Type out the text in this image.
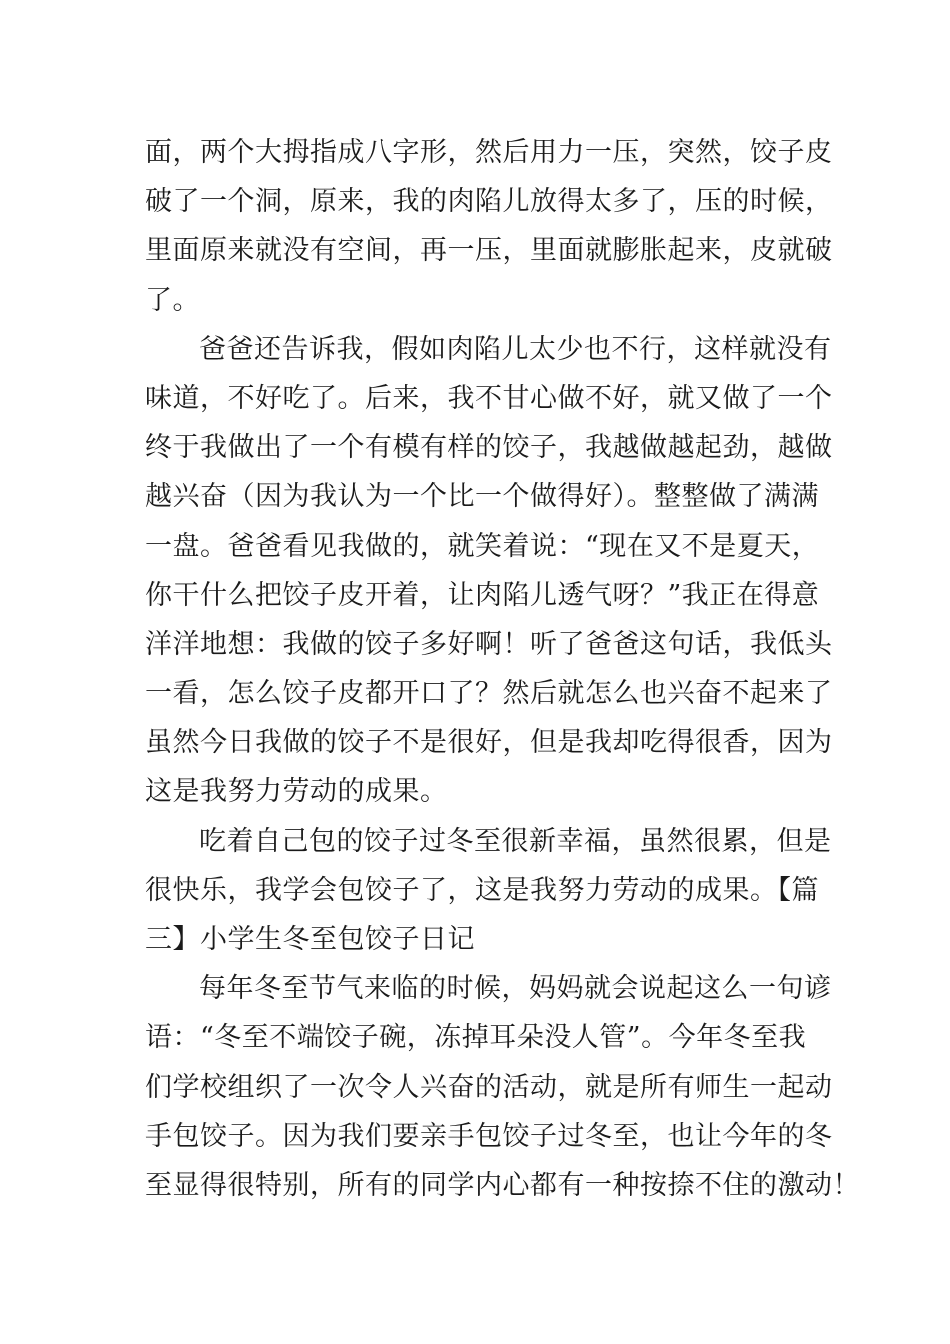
面，两个大拇指成八字形，然后用力一压，突然，饺子皮
破了一个洞，原来，我的肉陷儿放得太多了，压的时候，
里面原来就没有空间，再一压，里面就膨胀起来，皮就破
了。
爸爸还告诉我，假如肉陷儿太少也不行，这样就没有
味道，不好吃了。后来，我不甘心做不好，就又做了一个
终于我做出了一个有模有样的饺子，我越做越起劲，越做
越兴奋（因为我认为一个比一个做得好）。整整做了满满
一盘。爸爸看见我做的，就笑着说：“现在又不是夏天，
你干什么把饺子皮开着，让肉陷儿透气呀？”我正在得意
洋洋地想：我做的饺子多好啊！听了爸爸这句话，我低头
一看，怎么饺子皮都开口了？然后就怎么也兴奋不起来了
虽然今日我做的饺子不是很好，但是我却吃得很香，因为
这是我努力劳动的成果。
吃着自己包的饺子过冬至很新幸福，虽然很累，但是
很快乐，我学会包饺子了，这是我努力劳动的成果。【篇
三】小学生冬至包饺子日记
每年冬至节气来临的时候，妈妈就会说起这么一句谚
语：“冬至不端饺子碗，冻掉耳朵没人管”。今年冬至我
们学校组织了一次令人兴奋的活动，就是所有师生一起动
手包饺子。因为我们要亲手包饺子过冬至，也让今年的冬
至显得很特别，所有的同学内心都有一种按捺不住的激动！
